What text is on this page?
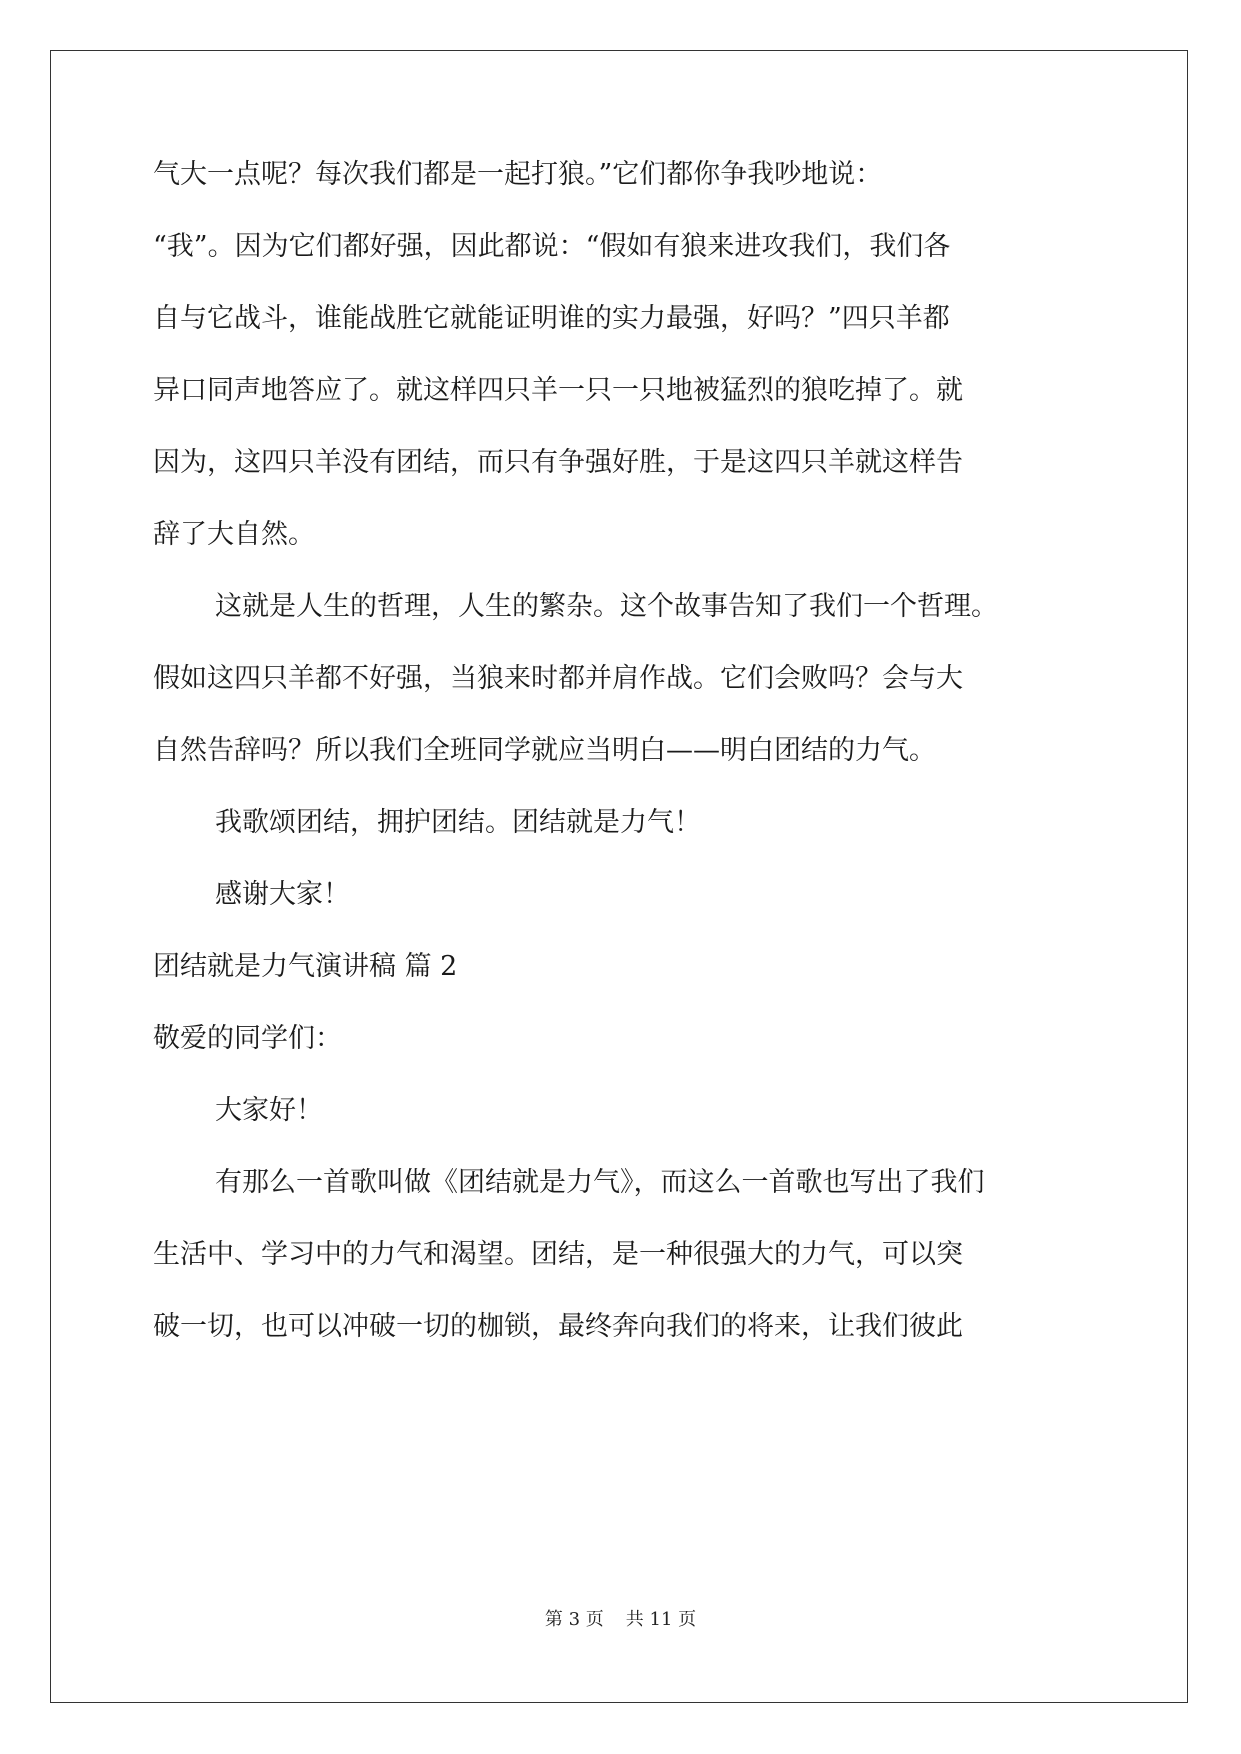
气大一点呢？每次我们都是一起打狼。”它们都你争我吵地说：
“我”。因为它们都好强，因此都说：“假如有狼来进攻我们，我们各
自与它战斗，谁能战胜它就能证明谁的实力最强，好吗？”四只羊都
异口同声地答应了。就这样四只羊一只一只地被猛烈的狼吃掉了。就
因为，这四只羊没有团结，而只有争强好胜，于是这四只羊就这样告
辞了大自然。
这就是人生的哲理，人生的繁杂。这个故事告知了我们一个哲理。
假如这四只羊都不好强，当狼来时都并肩作战。它们会败吗？会与大
自然告辞吗？所以我们全班同学就应当明白——明白团结的力气。
我歌颂团结，拥护团结。团结就是力气！
感谢大家！
团结就是力气演讲稿 篇 2
敬爱的同学们：
大家好！
有那么一首歌叫做《团结就是力气》，而这么一首歌也写出了我们
生活中、学习中的力气和渴望。团结，是一种很强大的力气，可以突
破一切，也可以冲破一切的枷锁，最终奔向我们的将来，让我们彼此
第 3 页 共 11 页
